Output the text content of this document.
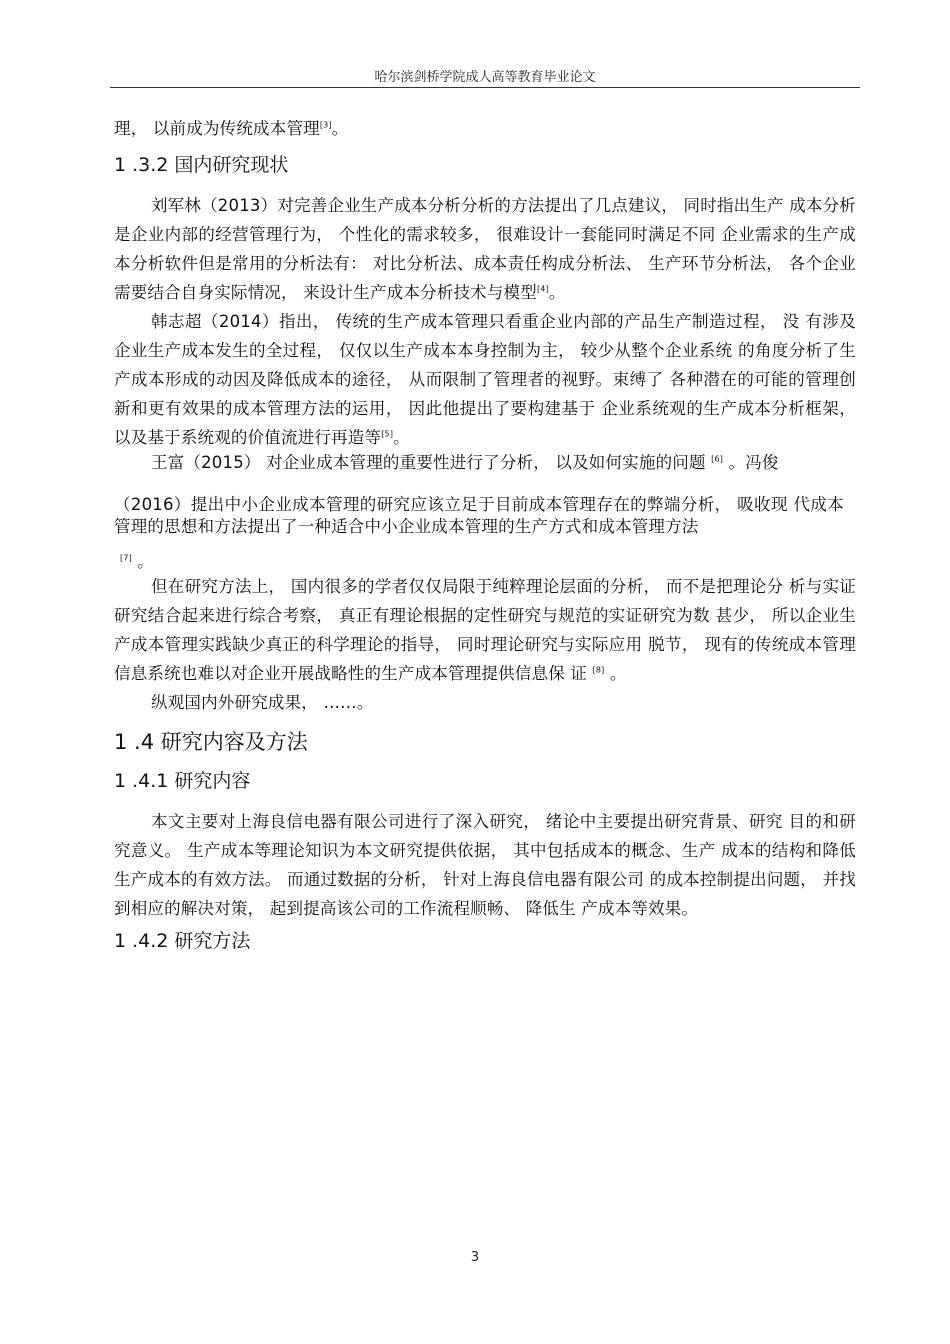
哈尔滨剑桥学院成人高等教育毕业论文

理， 以前成为传统成本管理[3]。

1 .3.2 国内研究现状

刘军林（2013）对完善企业生产成本分析分析的方法提出了几点建议， 同时指出生产 成本分析是企业内部的经营管理行为， 个性化的需求较多， 很难设计一套能同时满足不同 企业需求的生产成本分析软件但是常用的分析法有： 对比分析法、成本责任构成分析法、 生产环节分析法， 各个企业需要结合自身实际情况， 来设计生产成本分析技术与模型[4]。

韩志超（2014）指出， 传统的生产成本管理只看重企业内部的产品生产制造过程， 没 有涉及企业生产成本发生的全过程， 仅仅以生产成本本身控制为主， 较少从整个企业系统 的角度分析了生产成本形成的动因及降低成本的途径， 从而限制了管理者的视野。束缚了 各种潜在的可能的管理创新和更有效果的成本管理方法的运用， 因此他提出了要构建基于 企业系统观的生产成本分析框架， 以及基于系统观的价值流进行再造等[5]。

王富（2015） 对企业成本管理的重要性进行了分析， 以及如何实施的问题 [6] 。冯俊

（2016）提出中小企业成本管理的研究应该立足于目前成本管理存在的弊端分析， 吸收现 代成本管理的思想和方法提出了一种适合中小企业成本管理的生产方式和成本管理方法

[7] 。

但在研究方法上， 国内很多的学者仅仅局限于纯粹理论层面的分析， 而不是把理论分 析与实证研究结合起来进行综合考察， 真正有理论根据的定性研究与规范的实证研究为数 甚少， 所以企业生产成本管理实践缺少真正的科学理论的指导， 同时理论研究与实际应用 脱节， 现有的传统成本管理信息系统也难以对企业开展战略性的生产成本管理提供信息保 证 [8] 。

纵观国内外研究成果， ……。

1 .4 研究内容及方法
1 .4.1 研究内容

本文主要对上海良信电器有限公司进行了深入研究， 绪论中主要提出研究背景、研究 目的和研究意义。 生产成本等理论知识为本文研究提供依据， 其中包括成本的概念、生产 成本的结构和降低生产成本的有效方法。 而通过数据的分析， 针对上海良信电器有限公司 的成本控制提出问题， 并找到相应的解决对策， 起到提高该公司的工作流程顺畅、 降低生 产成本等效果。

1 .4.2 研究方法
3
